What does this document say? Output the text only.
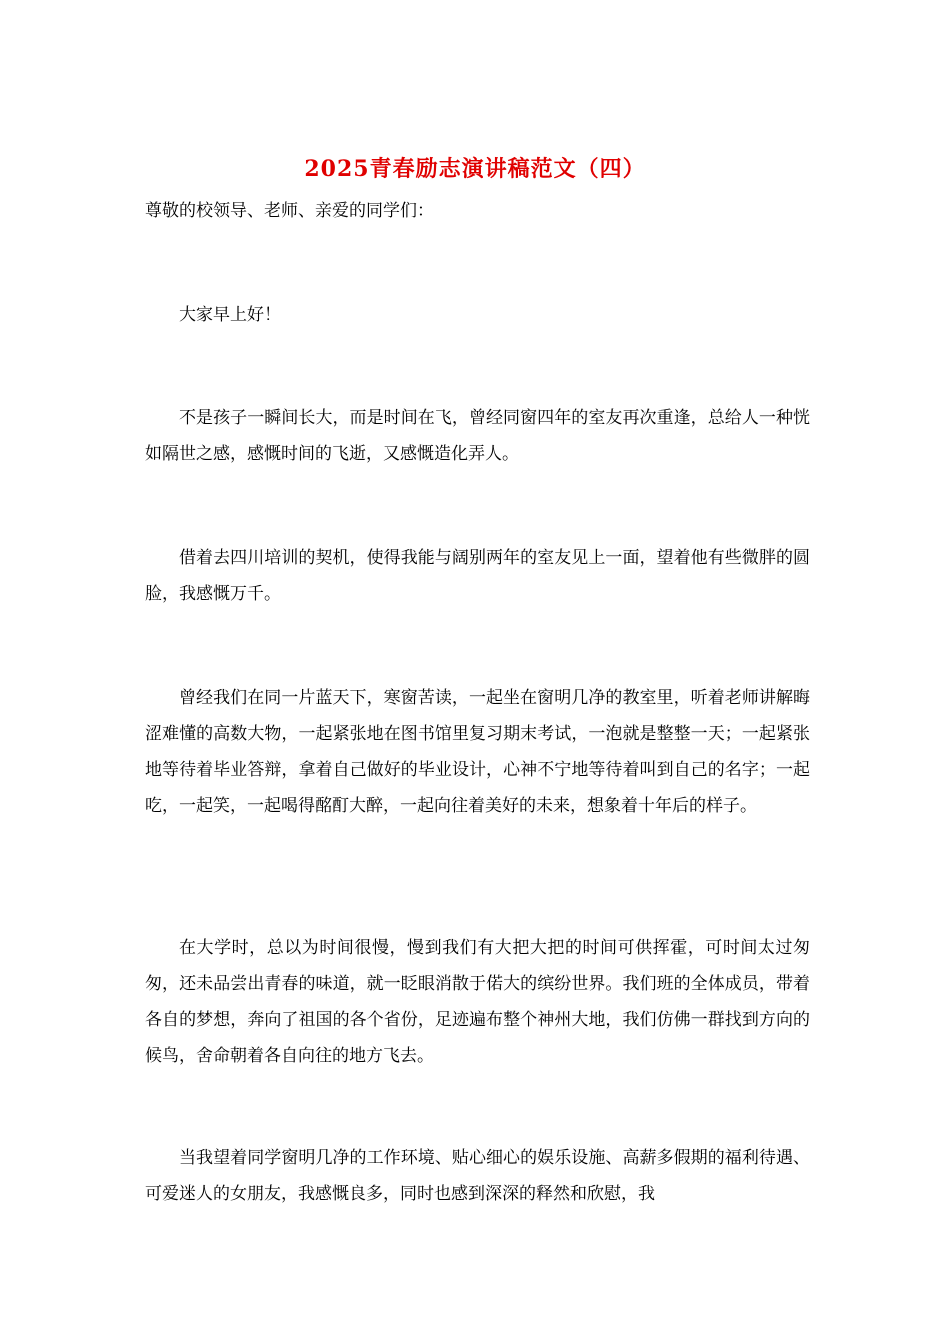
2025青春励志演讲稿范文（四）
尊敬的校领导、老师、亲爱的同学们：

大家早上好！

不是孩子一瞬间长大，而是时间在飞，曾经同窗四年的室友再次重逢，总给人一种恍如隔世之感，感慨时间的飞逝，又感慨造化弄人。

借着去四川培训的契机，使得我能与阔别两年的室友见上一面，望着他有些微胖的圆脸，我感慨万千。

曾经我们在同一片蓝天下，寒窗苦读，一起坐在窗明几净的教室里，听着老师讲解晦涩难懂的高数大物，一起紧张地在图书馆里复习期末考试，一泡就是整整一天；一起紧张地等待着毕业答辩，拿着自己做好的毕业设计，心神不宁地等待着叫到自己的名字；一起吃，一起笑，一起喝得酩酊大醉，一起向往着美好的未来，想象着十年后的样子。

在大学时，总以为时间很慢，慢到我们有大把大把的时间可供挥霍，可时间太过匆匆，还未品尝出青春的味道，就一眨眼消散于偌大的缤纷世界。我们班的全体成员，带着各自的梦想，奔向了祖国的各个省份，足迹遍布整个神州大地，我们仿佛一群找到方向的候鸟，舍命朝着各自向往的地方飞去。

当我望着同学窗明几净的工作环境、贴心细心的娱乐设施、高薪多假期的福利待遇、可爱迷人的女朋友，我感慨良多，同时也感到深深的释然和欣慰，我
